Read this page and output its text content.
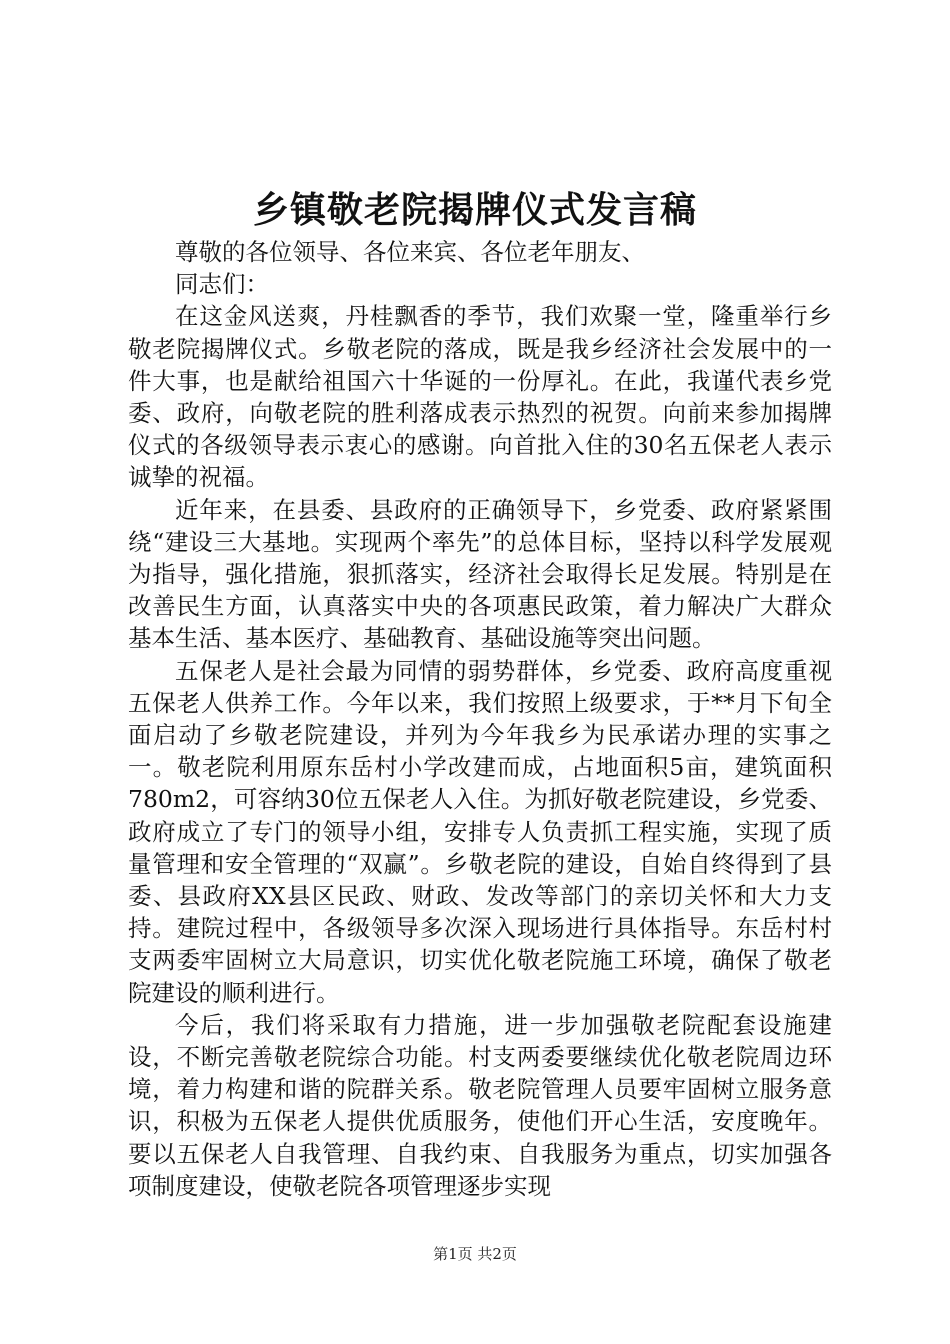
乡镇敬老院揭牌仪式发言稿

尊敬的各位领导、各位来宾、各位老年朋友、

同志们：

在这金风送爽，丹桂飘香的季节，我们欢聚一堂，隆重举行乡敬老院揭牌仪式。乡敬老院的落成，既是我乡经济社会发展中的一件大事，也是献给祖国六十华诞的一份厚礼。在此，我谨代表乡党委、政府，向敬老院的胜利落成表示热烈的祝贺。向前来参加揭牌仪式的各级领导表示衷心的感谢。向首批入住的30名五保老人表示诚挚的祝福。

近年来，在县委、县政府的正确领导下，乡党委、政府紧紧围绕“建设三大基地。实现两个率先”的总体目标，坚持以科学发展观为指导，强化措施，狠抓落实，经济社会取得长足发展。特别是在改善民生方面，认真落实中央的各项惠民政策，着力解决广大群众基本生活、基本医疗、基础教育、基础设施等突出问题。

五保老人是社会最为同情的弱势群体，乡党委、政府高度重视五保老人供养工作。今年以来，我们按照上级要求，于**月下旬全面启动了乡敬老院建设，并列为今年我乡为民承诺办理的实事之一。敬老院利用原东岳村小学改建而成，占地面积5亩，建筑面积780m2，可容纳30位五保老人入住。为抓好敬老院建设，乡党委、政府成立了专门的领导小组，安排专人负责抓工程实施，实现了质量管理和安全管理的“双赢”。乡敬老院的建设，自始自终得到了县委、县政府XX县区民政、财政、发改等部门的亲切关怀和大力支持。建院过程中，各级领导多次深入现场进行具体指导。东岳村村支两委牢固树立大局意识，切实优化敬老院施工环境，确保了敬老院建设的顺利进行。

今后，我们将采取有力措施，进一步加强敬老院配套设施建设，不断完善敬老院综合功能。村支两委要继续优化敬老院周边环境，着力构建和谐的院群关系。敬老院管理人员要牢固树立服务意识，积极为五保老人提供优质服务，使他们开心生活，安度晚年。要以五保老人自我管理、自我约束、自我服务为重点，切实加强各项制度建设，使敬老院各项管理逐步实现

第1页 共2页
